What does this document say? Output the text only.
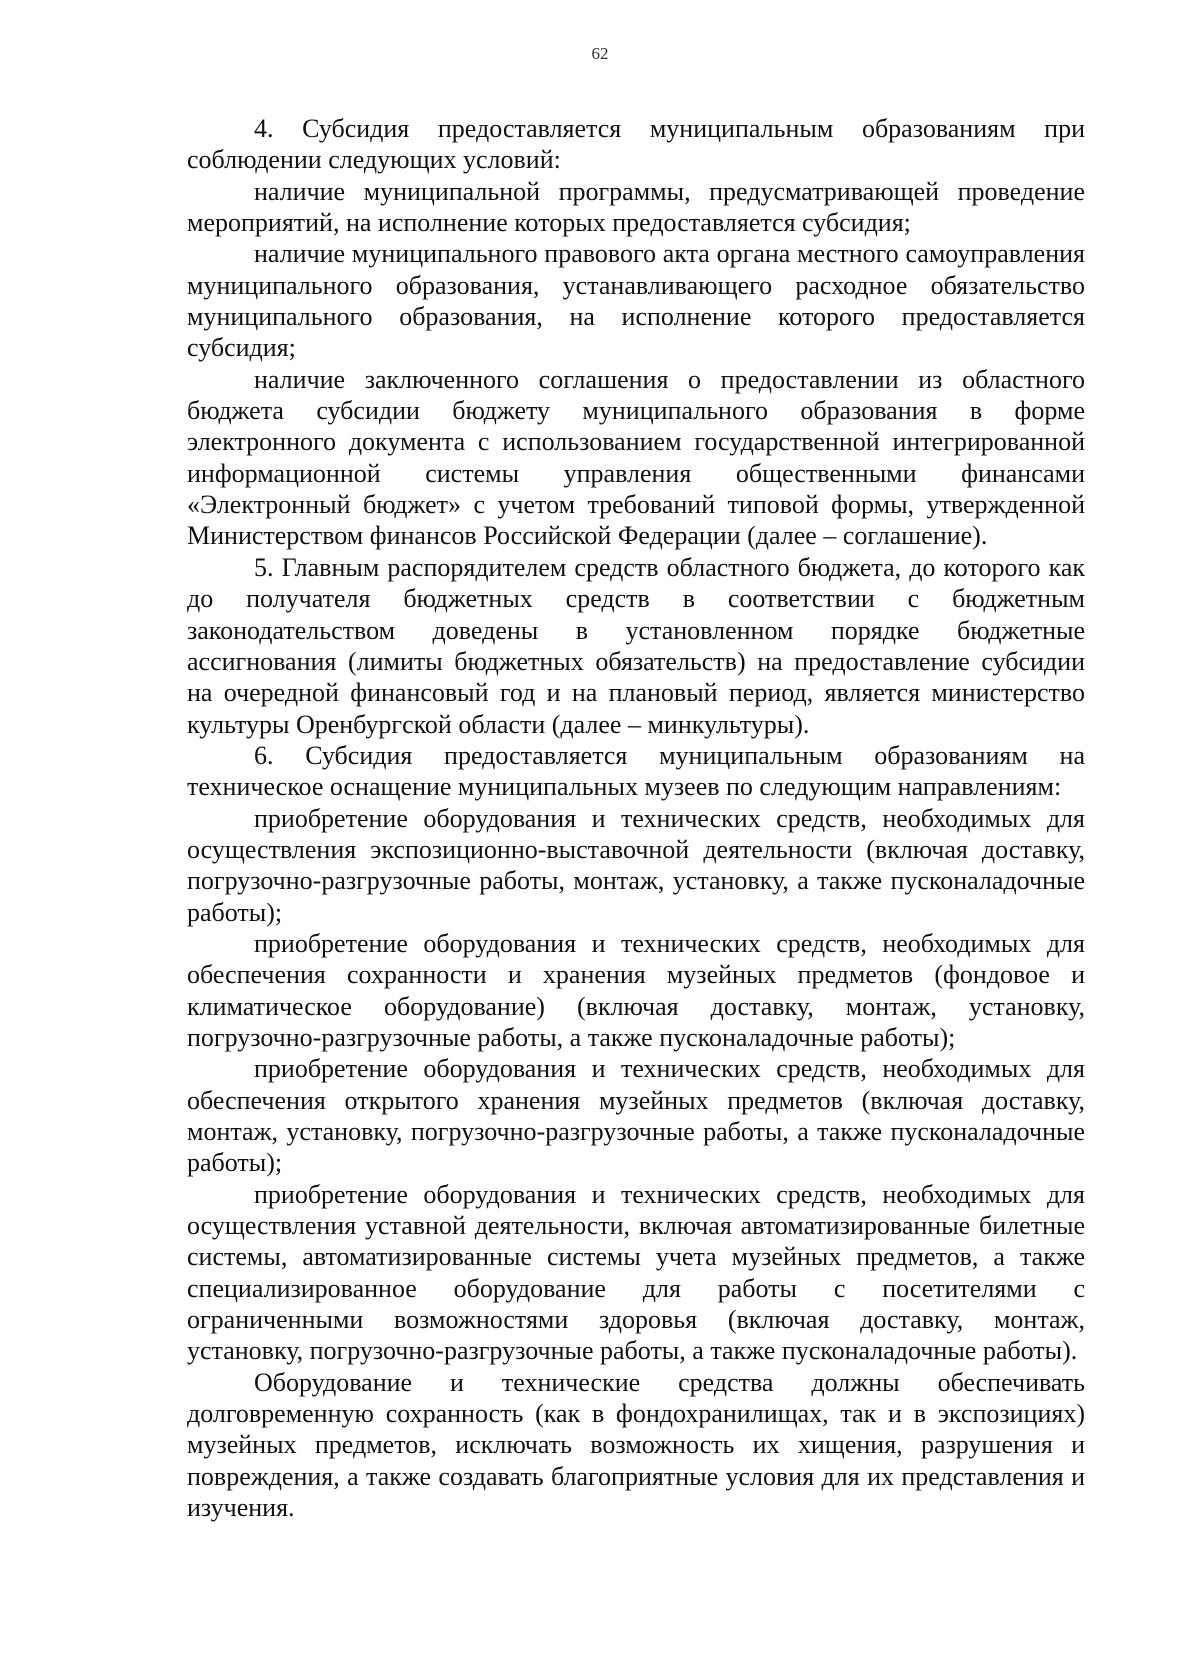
62

4. Субсидия предоставляется муниципальным образованиям при соблюдении следующих условий:

наличие муниципальной программы, предусматривающей проведение мероприятий, на исполнение которых предоставляется субсидия;

наличие муниципального правового акта органа местного самоуправления муниципального образования, устанавливающего расходное обязательство муниципального образования, на исполнение которого предоставляется субсидия;

наличие заключенного соглашения о предоставлении из областного бюджета субсидии бюджету муниципального образования в форме электронного документа с использованием государственной интегрированной информационной системы управления общественными финансами «Электронный бюджет» с учетом требований типовой формы, утвержденной Министерством финансов Российской Федерации (далее – соглашение).

5. Главным распорядителем средств областного бюджета, до которого как до получателя бюджетных средств в соответствии с бюджетным законодательством доведены в установленном порядке бюджетные ассигнования (лимиты бюджетных обязательств) на предоставление субсидии на очередной финансовый год и на плановый период, является министерство культуры Оренбургской области (далее – минкультуры).

6. Субсидия предоставляется муниципальным образованиям на техническое оснащение муниципальных музеев по следующим направлениям:

приобретение оборудования и технических средств, необходимых для осуществления экспозиционно-выставочной деятельности (включая доставку, погрузочно-разгрузочные работы, монтаж, установку, а также пусконаладочные работы);

приобретение оборудования и технических средств, необходимых для обеспечения сохранности и хранения музейных предметов (фондовое и климатическое оборудование) (включая доставку, монтаж, установку, погрузочно-разгрузочные работы, а также пусконаладочные работы);

приобретение оборудования и технических средств, необходимых для обеспечения открытого хранения музейных предметов (включая доставку, монтаж, установку, погрузочно-разгрузочные работы, а также пусконаладочные работы);

приобретение оборудования и технических средств, необходимых для осуществления уставной деятельности, включая автоматизированные билетные системы, автоматизированные системы учета музейных предметов, а также специализированное оборудование для работы с посетителями с ограниченными возможностями здоровья (включая доставку, монтаж, установку, погрузочно-разгрузочные работы, а также пусконаладочные работы).

Оборудование и технические средства должны обеспечивать долговременную сохранность (как в фондохранилищах, так и в экспозициях) музейных предметов, исключать возможность их хищения, разрушения и повреждения, а также создавать благоприятные условия для их представления и изучения.
